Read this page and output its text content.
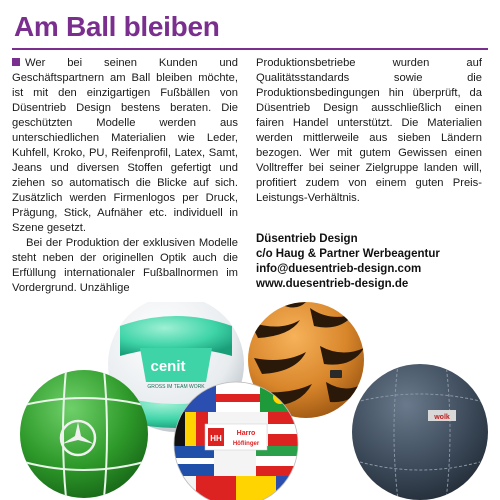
Am Ball bleiben

Wer bei seinen Kunden und Geschäftspartnern am Ball bleiben möchte, ist mit den einzigartigen Fußbällen von Düsentrieb Design bestens beraten. Die geschützten Modelle werden aus unterschiedlichen Materialien wie Leder, Kuhfell, Kroko, PU, Reifenprofil, Latex, Samt, Jeans und diversen Stoffen gefertigt und ziehen so automatisch die Blicke auf sich. Zusätzlich werden Firmenlogos per Druck, Prägung, Stick, Aufnäher etc. individuell in Szene gesetzt.

Bei der Produktion der exklusiven Modelle steht neben der originellen Optik auch die Erfüllung internationaler Fußballnormen im Vordergrund. Unzählige

Produktionsbetriebe wurden auf Qualitätsstandards sowie die Produktionsbedingungen hin überprüft, da Düsentrieb Design ausschließlich einen fairen Handel unterstützt. Die Materialien werden mittlerweile aus sieben Ländern bezogen. Wer mit gutem Gewissen einen Volltreffer bei seiner Zielgruppe landen will, profitiert zudem von einem guten Preis-Leistungs-Verhältnis.

Düsentrieb Design
c/o Haug & Partner Werbeagentur
info@duesentrieb-design.com
www.duesentrieb-design.de
cenit
GROSS IM TEAM WORK
wolk
HH
Harro
Höflinger
